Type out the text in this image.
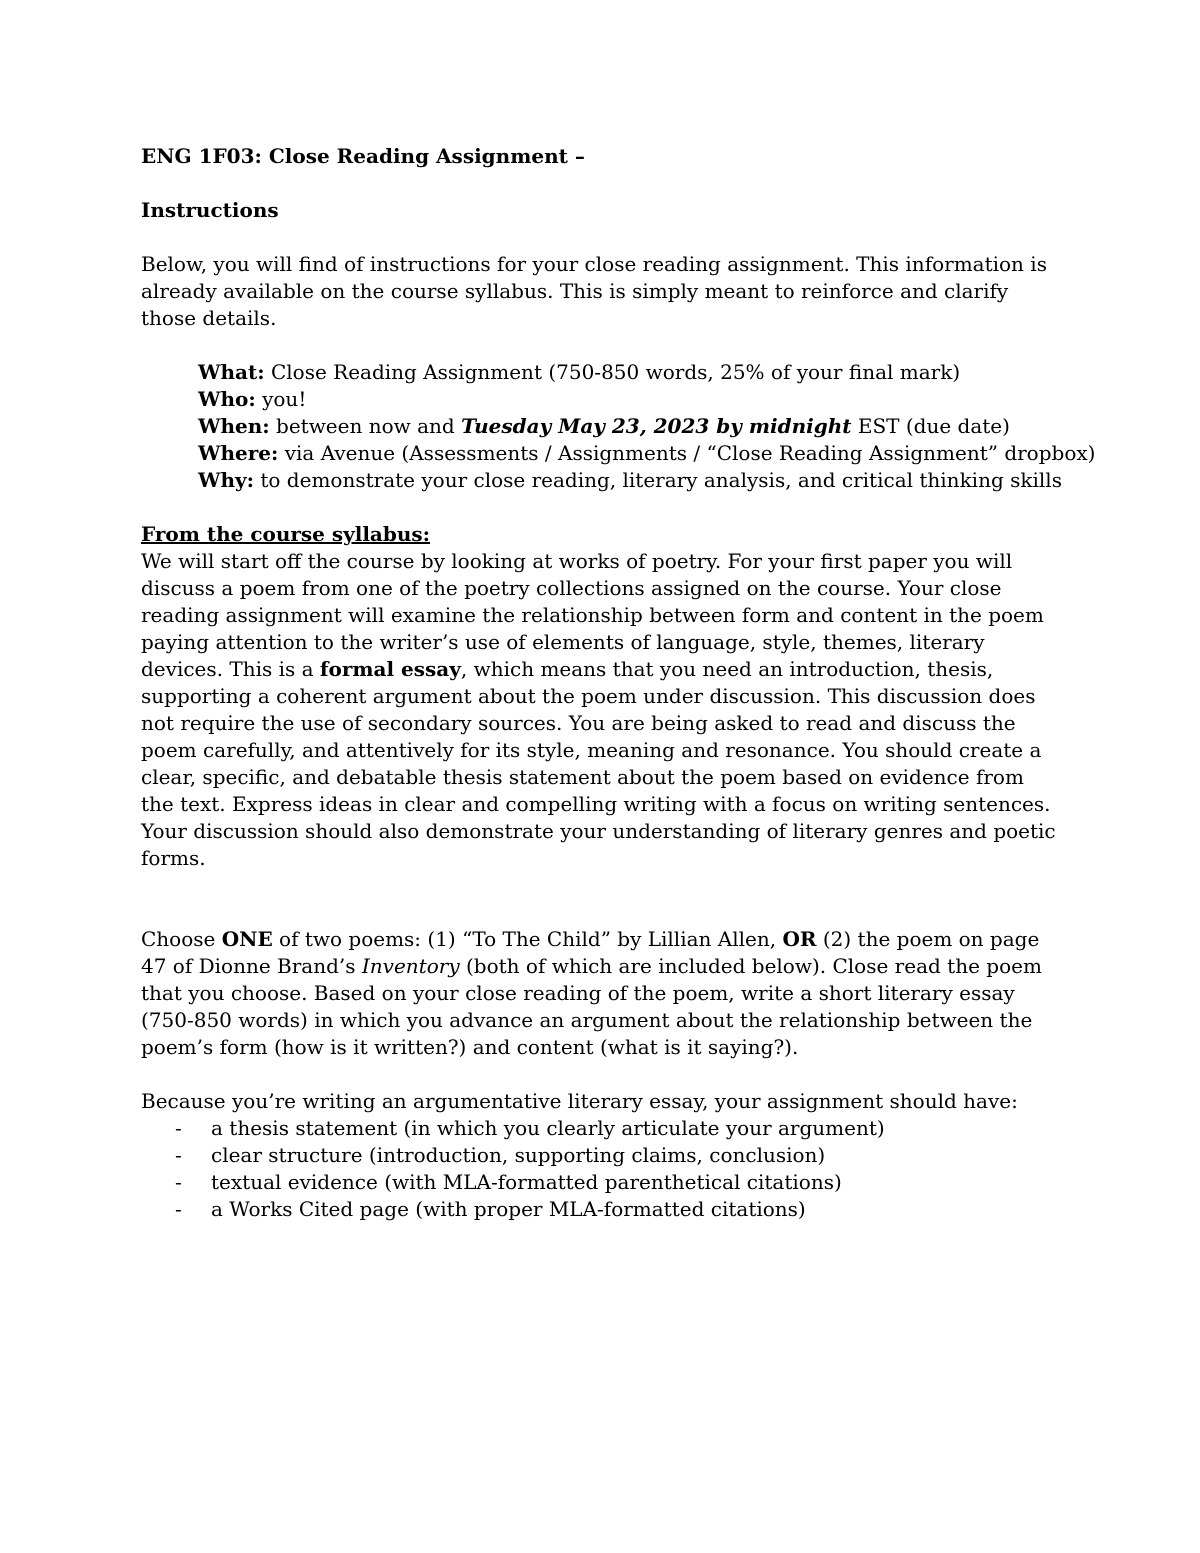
ENG 1F03: Close Reading Assignment –

Instructions

Below, you will find of instructions for your close reading assignment. This information is already available on the course syllabus. This is simply meant to reinforce and clarify those details.

What: Close Reading Assignment (750-850 words, 25% of your final mark)
Who: you!
When: between now and Tuesday May 23, 2023 by midnight EST (due date)
Where: via Avenue (Assessments / Assignments / “Close Reading Assignment” dropbox)
Why: to demonstrate your close reading, literary analysis, and critical thinking skills

From the course syllabus:

We will start off the course by looking at works of poetry. For your first paper you will discuss a poem from one of the poetry collections assigned on the course. Your close reading assignment will examine the relationship between form and content in the poem paying attention to the writer’s use of elements of language, style, themes, literary devices. This is a formal essay, which means that you need an introduction, thesis, supporting a coherent argument about the poem under discussion. This discussion does not require the use of secondary sources. You are being asked to read and discuss the poem carefully, and attentively for its style, meaning and resonance. You should create a clear, specific, and debatable thesis statement about the poem based on evidence from the text. Express ideas in clear and compelling writing with a focus on writing sentences. Your discussion should also demonstrate your understanding of literary genres and poetic forms.

Choose ONE of two poems: (1) “To The Child” by Lillian Allen, OR (2) the poem on page 47 of Dionne Brand’s Inventory (both of which are included below). Close read the poem that you choose. Based on your close reading of the poem, write a short literary essay (750-850 words) in which you advance an argument about the relationship between the poem’s form (how is it written?) and content (what is it saying?).

Because you’re writing an argumentative literary essay, your assignment should have:

- a thesis statement (in which you clearly articulate your argument)
- clear structure (introduction, supporting claims, conclusion)
- textual evidence (with MLA-formatted parenthetical citations)
- a Works Cited page (with proper MLA-formatted citations)
